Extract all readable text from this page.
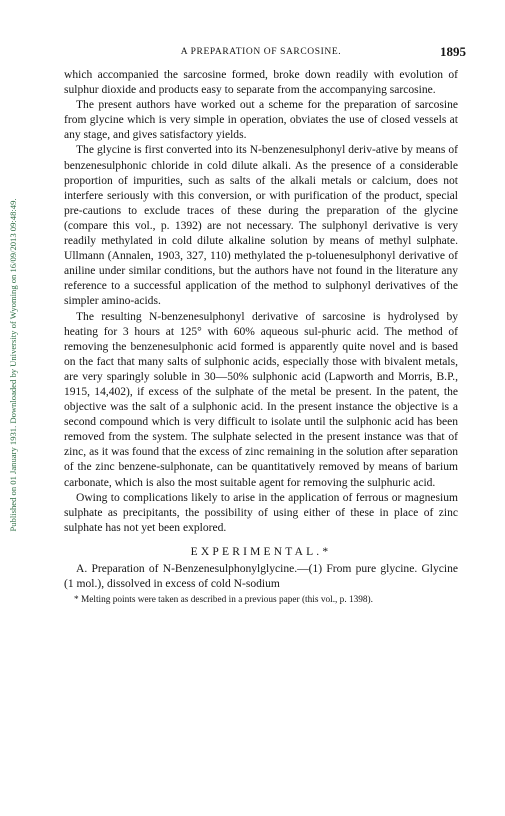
Published on 01 January 1931. Downloaded by University of Wyoming on 16/09/2013 09:48:49.
A PREPARATION OF SARCOSINE.	1895

which accompanied the sarcosine formed, broke down readily with evolution of sulphur dioxide and products easy to separate from the accompanying sarcosine.

The present authors have worked out a scheme for the preparation of sarcosine from glycine which is very simple in operation, obviates the use of closed vessels at any stage, and gives satisfactory yields.

The glycine is first converted into its N-benzenesulphonyl deriv-ative by means of benzenesulphonic chloride in cold dilute alkali. As the presence of a considerable proportion of impurities, such as salts of the alkali metals or calcium, does not interfere seriously with this conversion, or with purification of the product, special pre-cautions to exclude traces of these during the preparation of the glycine (compare this vol., p. 1392) are not necessary. The sulphonyl derivative is very readily methylated in cold dilute alkaline solution by means of methyl sulphate. Ullmann (Annalen, 1903, 327, 110) methylated the p-toluenesulphonyl derivative of aniline under similar conditions, but the authors have not found in the literature any reference to a successful application of the method to sulphonyl derivatives of the simpler amino-acids.

The resulting N-benzenesulphonyl derivative of sarcosine is hydrolysed by heating for 3 hours at 125° with 60% aqueous sul-phuric acid. The method of removing the benzenesulphonic acid formed is apparently quite novel and is based on the fact that many salts of sulphonic acids, especially those with bivalent metals, are very sparingly soluble in 30—50% sulphonic acid (Lapworth and Morris, B.P., 1915, 14,402), if excess of the sulphate of the metal be present. In the patent, the objective was the salt of a sulphonic acid. In the present instance the objective is a second compound which is very difficult to isolate until the sulphonic acid has been removed from the system. The sulphate selected in the present instance was that of zinc, as it was found that the excess of zinc remaining in the solution after separation of the zinc benzene-sulphonate, can be quantitatively removed by means of barium carbonate, which is also the most suitable agent for removing the sulphuric acid.

Owing to complications likely to arise in the application of ferrous or magnesium sulphate as precipitants, the possibility of using either of these in place of zinc sulphate has not yet been explored.

EXPERIMENTAL.*

A. Preparation of N-Benzenesulphonylglycine.—(1) From pure glycine. Glycine (1 mol.), dissolved in excess of cold N-sodium

* Melting points were taken as described in a previous paper (this vol., p. 1398).
